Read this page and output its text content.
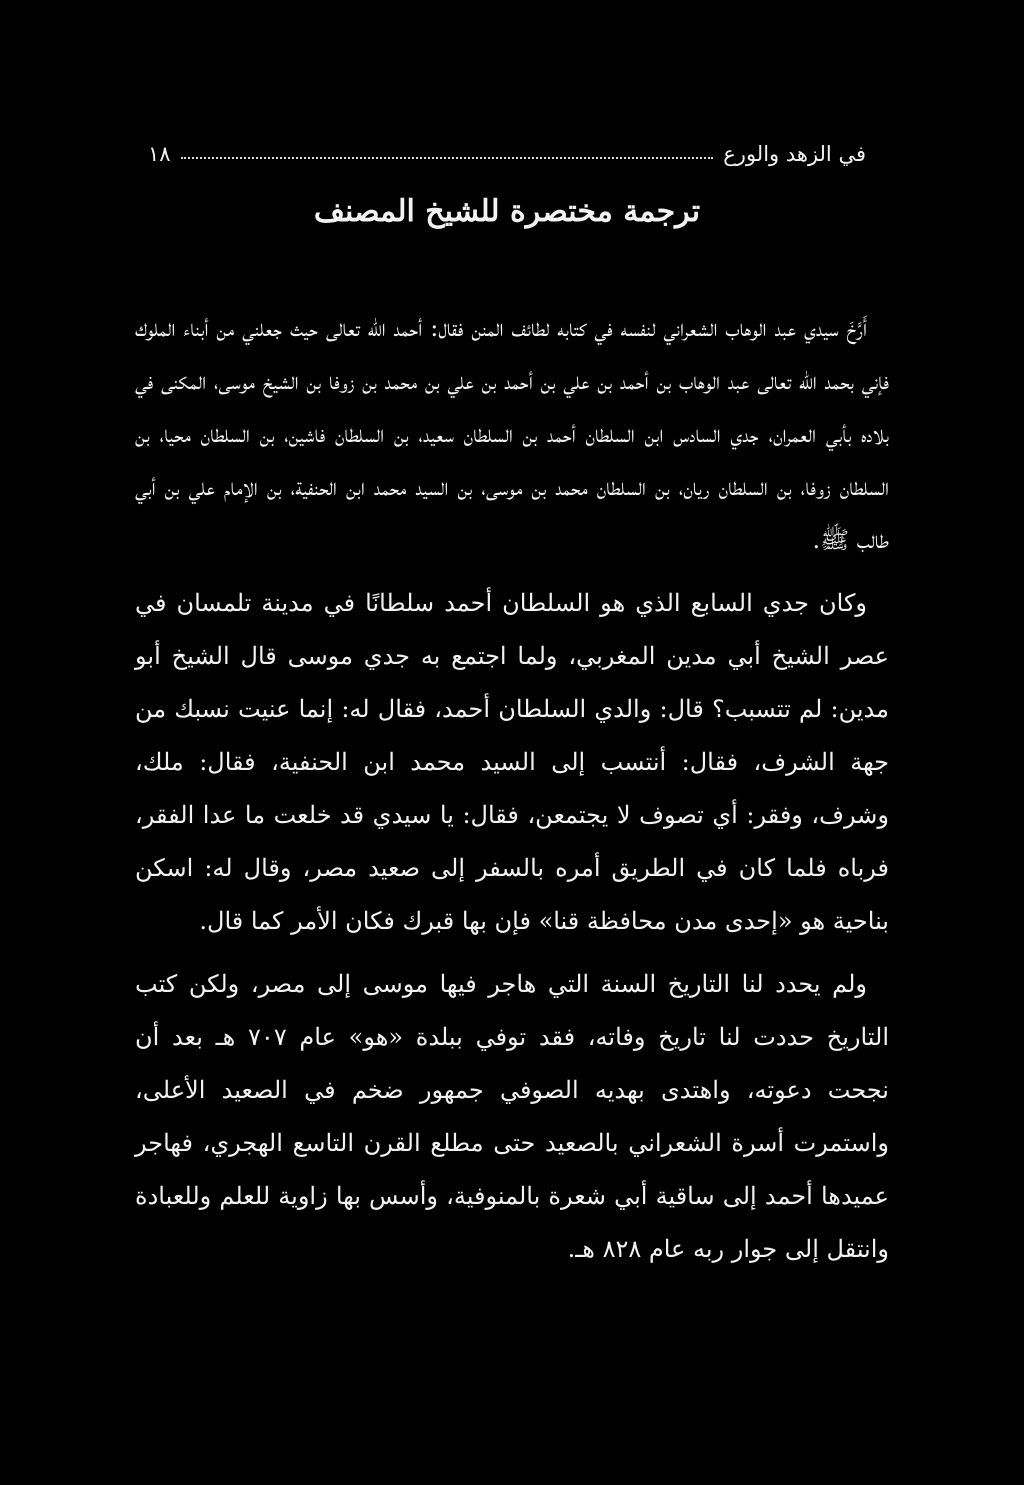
١٨	في الزهد والورع
ترجمة مختصرة للشيخ المصنف

أَرَّخَ سيدي عبد الوهاب الشعراني لنفسه في كتابه لطائف المنن فقال: أحمد الله تعالى حيث جعلني من أبناء الملوك فإني بحمد الله تعالى عبد الوهاب بن أحمد بن علي بن أحمد بن علي بن محمد بن زوفا بن الشيخ موسى، المكنى في بلاده بأبي العمران، جدي السادس ابن السلطان أحمد بن السلطان سعيد، بن السلطان فاشين، بن السلطان محيا، بن السلطان زوفا، بن السلطان ريان، بن السلطان محمد بن موسى، بن السيد محمد ابن الحنفية، بن الإمام علي بن أبي طالب ﷺ.

وكان جدي السابع الذي هو السلطان أحمد سلطانًا في مدينة تلمسان في عصر الشيخ أبي مدين المغربي، ولما اجتمع به جدي موسى قال الشيخ أبو مدين: لم تتسبب؟ قال: والدي السلطان أحمد، فقال له: إنما عنيت نسبك من جهة الشرف، فقال: أنتسب إلى السيد محمد ابن الحنفية، فقال: ملك، وشرف، وفقر: أي تصوف لا يجتمعن، فقال: يا سيدي قد خلعت ما عدا الفقر، فرباه فلما كان في الطريق أمره بالسفر إلى صعيد مصر، وقال له: اسكن بناحية هو «إحدى مدن محافظة قنا» فإن بها قبرك فكان الأمر كما قال.

ولم يحدد لنا التاريخ السنة التي هاجر فيها موسى إلى مصر، ولكن كتب التاريخ حددت لنا تاريخ وفاته، فقد توفي ببلدة «هو» عام ٧٠٧ هـ بعد أن نجحت دعوته، واهتدى بهديه الصوفي جمهور ضخم في الصعيد الأعلى، واستمرت أسرة الشعراني بالصعيد حتى مطلع القرن التاسع الهجري، فهاجر عميدها أحمد إلى ساقية أبي شعرة بالمنوفية، وأسس بها زاوية للعلم وللعبادة وانتقل إلى جوار ربه عام ٨٢٨ هـ.
